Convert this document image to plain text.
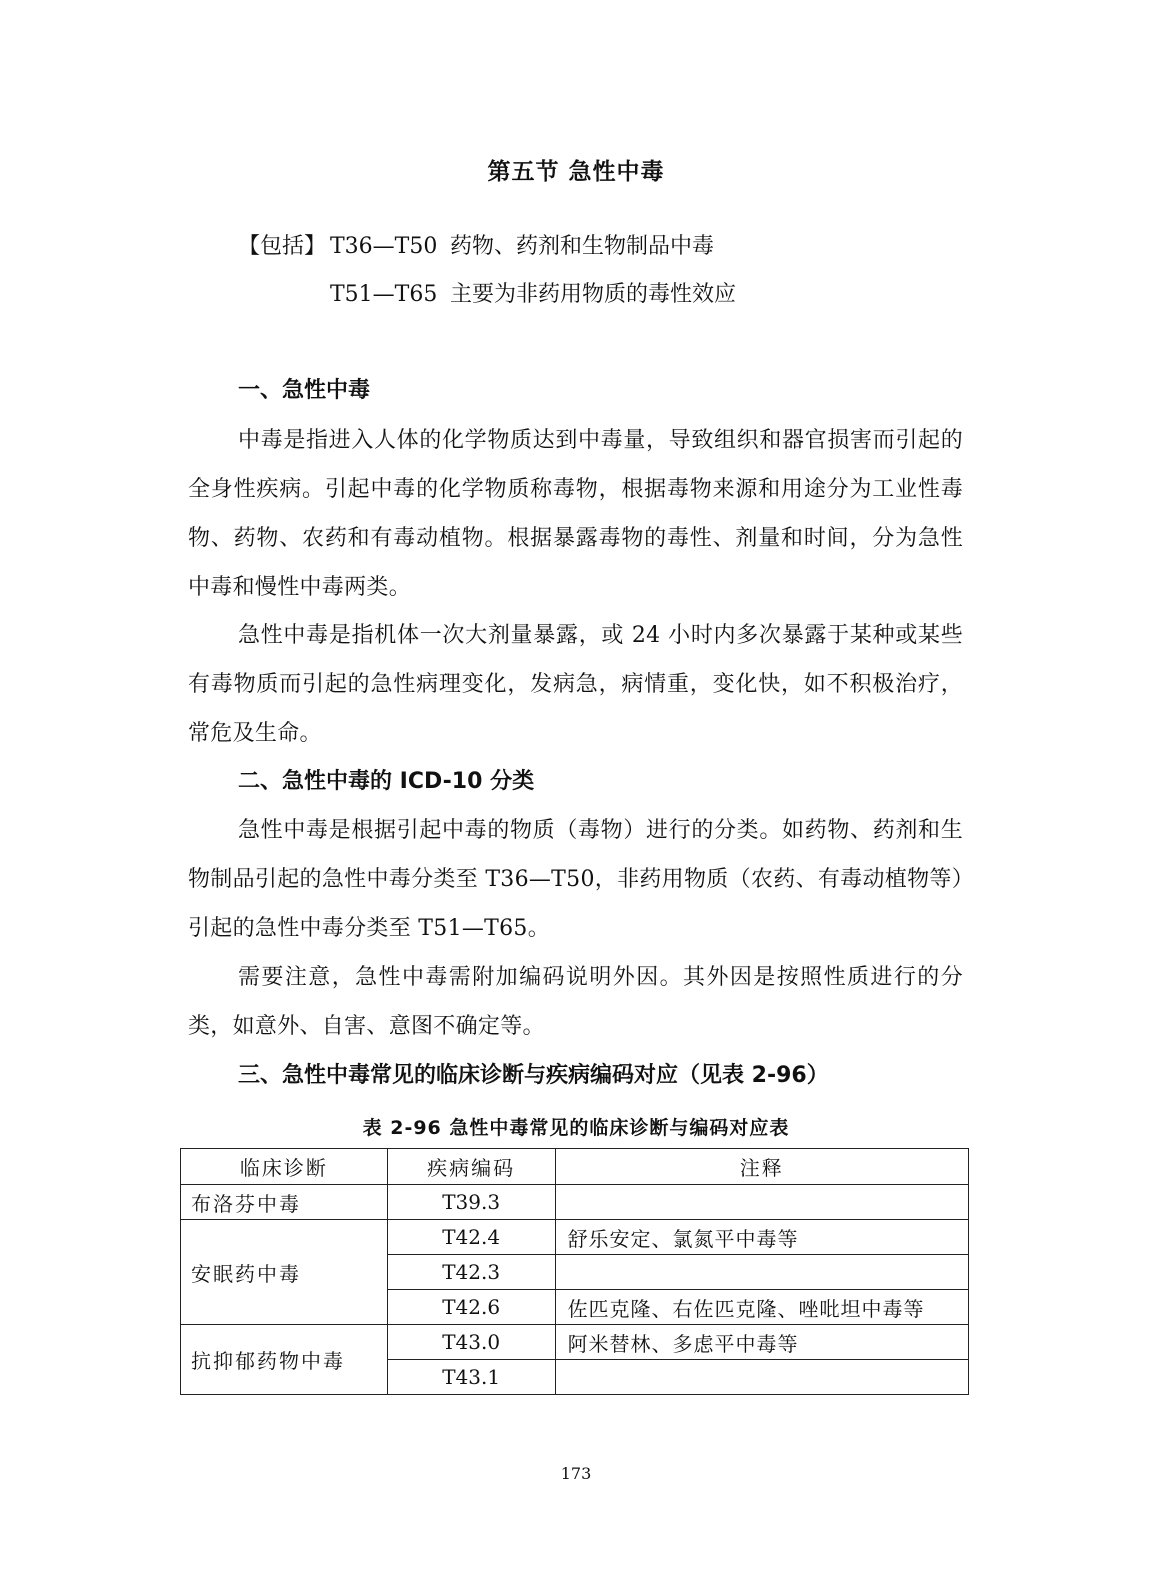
第五节 急性中毒
【包括】 T36—T50 药物、药剂和生物制品中毒
T51—T65 主要为非药用物质的毒性效应
一、急性中毒
中毒是指进入人体的化学物质达到中毒量，导致组织和器官损害而引起的全身性疾病。引起中毒的化学物质称毒物，根据毒物来源和用途分为工业性毒物、药物、农药和有毒动植物。根据暴露毒物的毒性、剂量和时间，分为急性中毒和慢性中毒两类。
急性中毒是指机体一次大剂量暴露，或 24 小时内多次暴露于某种或某些有毒物质而引起的急性病理变化，发病急，病情重，变化快，如不积极治疗，常危及生命。
二、急性中毒的 ICD-10 分类
急性中毒是根据引起中毒的物质（毒物）进行的分类。如药物、药剂和生物制品引起的急性中毒分类至 T36—T50，非药用物质（农药、有毒动植物等）引起的急性中毒分类至 T51—T65。
需要注意，急性中毒需附加编码说明外因。其外因是按照性质进行的分类，如意外、自害、意图不确定等。
三、急性中毒常见的临床诊断与疾病编码对应（见表 2-96）
表 2-96 急性中毒常见的临床诊断与编码对应表
临床诊断	疾病编码	注释
布洛芬中毒	T39.3	
安眠药中毒	T42.4	舒乐安定、氯氮平中毒等
	T42.3	
	T42.6	佐匹克隆、右佐匹克隆、唑吡坦中毒等
抗抑郁药物中毒	T43.0	阿米替林、多虑平中毒等
	T43.1	
173
